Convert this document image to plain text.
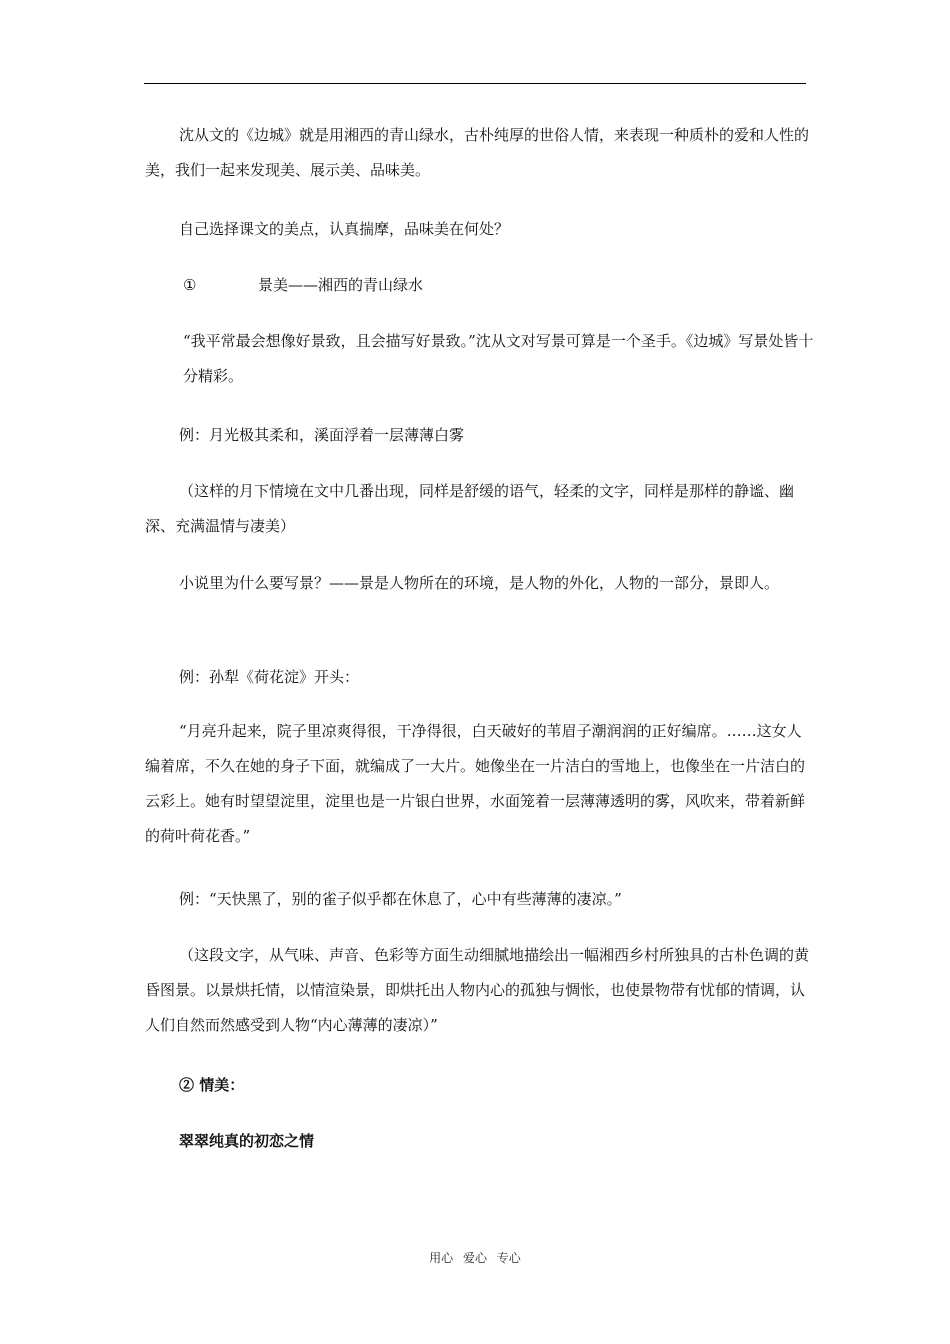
沈从文的《边城》就是用湘西的青山绿水，古朴纯厚的世俗人情，来表现一种质朴的爱和人性的美，我们一起来发现美、展示美、品味美。

自己选择课文的美点，认真揣摩，品味美在何处？

①	景美——湘西的青山绿水

“我平常最会想像好景致，且会描写好景致。”沈从文对写景可算是一个圣手。《边城》写景处皆十分精彩。

例：月光极其柔和，溪面浮着一层薄薄白雾

（这样的月下情境在文中几番出现，同样是舒缓的语气，轻柔的文字，同样是那样的静谧、幽深、充满温情与凄美）

小说里为什么要写景？——景是人物所在的环境，是人物的外化，人物的一部分，景即人。

例：孙犁《荷花淀》开头：

“月亮升起来，院子里凉爽得很，干净得很，白天破好的苇眉子潮润润的正好编席。……这女人编着席，不久在她的身子下面，就编成了一大片。她像坐在一片洁白的雪地上，也像坐在一片洁白的云彩上。她有时望望淀里，淀里也是一片银白世界，水面笼着一层薄薄透明的雾，风吹来，带着新鲜的荷叶荷花香。”

例：“天快黑了，别的雀子似乎都在休息了，心中有些薄薄的凄凉。”

（这段文字，从气味、声音、色彩等方面生动细腻地描绘出一幅湘西乡村所独具的古朴色调的黄昏图景。以景烘托情，以情渲染景，即烘托出人物内心的孤独与惆怅，也使景物带有忧郁的情调，认人们自然而然感受到人物“内心薄薄的凄凉）”

② 情美：

翠翠纯真的初恋之情

用心 爱心 专心
